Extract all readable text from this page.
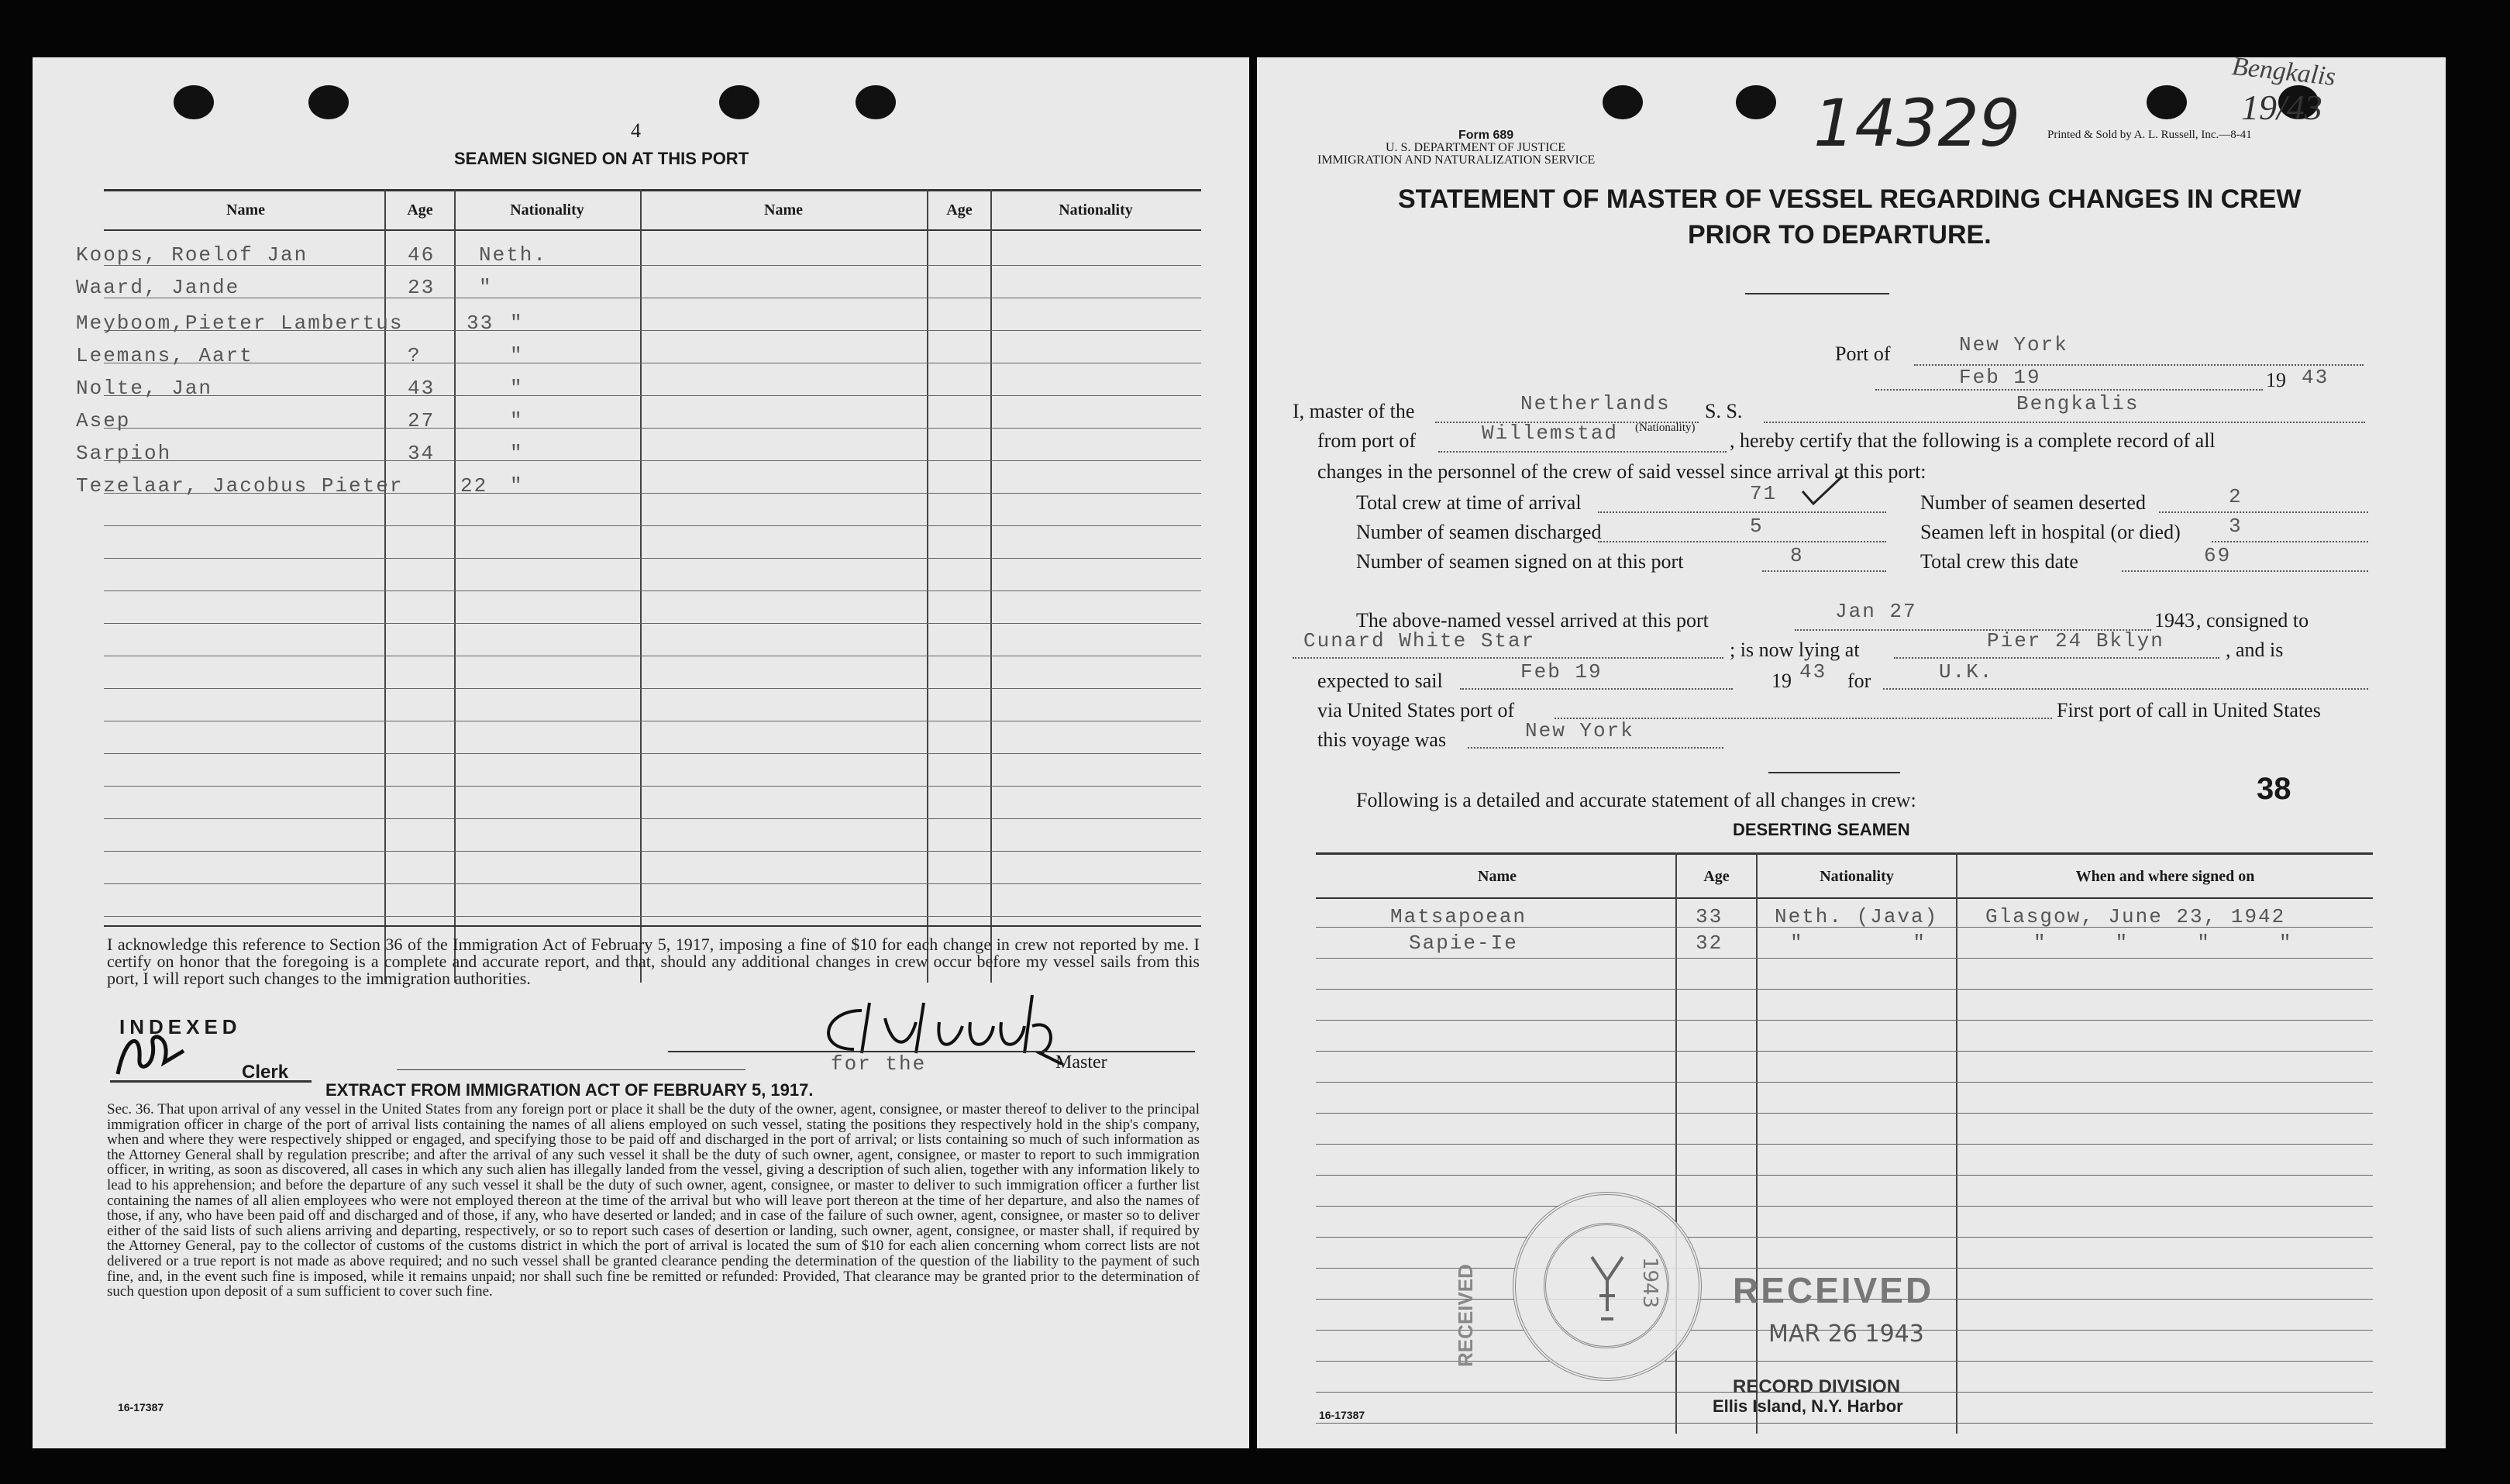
4
SEAMEN SIGNED ON AT THIS PORT
Name	Age	Nationality	Name	Age	Nationality
Koops, Roelof Jan	46 Neth.
Waard, Jande	23 "
Meyboom,Pieter Lambertus	33 "
Leemans, Aart	?	"
Nolte, Jan	43	"
Asep	27	"
Sarpioh	34	"
Tezelaar, Jacobus Pieter	22 "
I acknowledge this reference to Section 36 of the Immigration Act of February 5, 1917, imposing a fine of $10 for each change in crew not reported by me. I certify on honor that the foregoing is a complete and accurate report, and that, should any additional changes in crew occur before my vessel sails from this port, I will report such changes to the immigration authorities.
INDEXED
Clerk	for the	Master
EXTRACT FROM IMMIGRATION ACT OF FEBRUARY 5, 1917.
Sec. 36. That upon arrival of any vessel in the United States from any foreign port or place it shall be the duty of the owner, agent, consignee, or master thereof to deliver to the principal immigration officer in charge of the port of arrival lists containing the names of all aliens employed on such vessel, stating the positions they respectively hold in the ship's company, when and where they were respectively shipped or engaged, and specifying those to be paid off and discharged in the port of arrival; or lists containing so much of such information as the Attorney General shall by regulation prescribe; and after the arrival of any such vessel it shall be the duty of such owner, agent, consignee, or master to report to such immigration officer, in writing, as soon as discovered, all cases in which any such alien has illegally landed from the vessel, giving a description of such alien, together with any information likely to lead to his apprehension; and before the departure of any such vessel it shall be the duty of such owner, agent, consignee, or master to deliver to such immigration officer a further list containing the names of all alien employees who were not employed thereon at the time of the arrival but who will leave port thereon at the time of her departure, and also the names of those, if any, who have been paid off and discharged and of those, if any, who have deserted or landed; and in case of the failure of such owner, agent, consignee, or master so to deliver either of the said lists of such aliens arriving and departing, respectively, or so to report such cases of desertion or landing, such owner, agent, consignee, or master shall, if required by the Attorney General, pay to the collector of customs of the customs district in which the port of arrival is located the sum of $10 for each alien concerning whom correct lists are not delivered or a true report is not made as above required; and no such vessel shall be granted clearance pending the determination of the question of the liability to the payment of such fine, and, in the event such fine is imposed, while it remains unpaid; nor shall such fine be remitted or refunded: Provided, That clearance may be granted prior to the determination of such question upon deposit of a sum sufficient to cover such fine.
16-17387
Form 689
U. S. DEPARTMENT OF JUSTICE
IMMIGRATION AND NATURALIZATION SERVICE	14329 Printed & Sold by A. L. Russell, Inc.—8-41
Bengkalis
19/43
STATEMENT OF MASTER OF VESSEL REGARDING CHANGES IN CREW
PRIOR TO DEPARTURE.
Port of	New York
Feb 19	19 43
I, master of the	Netherlands S. S.	Bengkalis
from port of	Willemstad (Nationality)
, hereby certify that the following is a complete record of all
changes in the personnel of the crew of said vessel since arrival at this port:
Total crew at time of arrival	71	Number of seamen deserted	2
Number of seamen discharged	5	Seamen left in hospital (or died) 3
Number of seamen signed on at this port	8	Total crew this date	69
The above-named vessel arrived at this port	Jan 27	1943 , consigned to
Cunard White Star	; is now lying at	Pier 24 Bklyn	, and is
expected to sail	Feb 19	19 43 for	U.K.
via United States port of	First port of call in United States
this voyage was	New York
Following is a detailed and accurate statement of all changes in crew:	38
DESERTING SEAMEN
Name	Age	Nationality	When and where signed on
Matsapoean	33	Neth. (Java) Glasgow, June 23, 1942
Sapie-Ie	32	"        "	"     "     "     "
1943
RECEIVED	RECEIVED
MAR 26 1943
RECORD DIVISION
Ellis Island, N.Y. Harbor
16-17387
